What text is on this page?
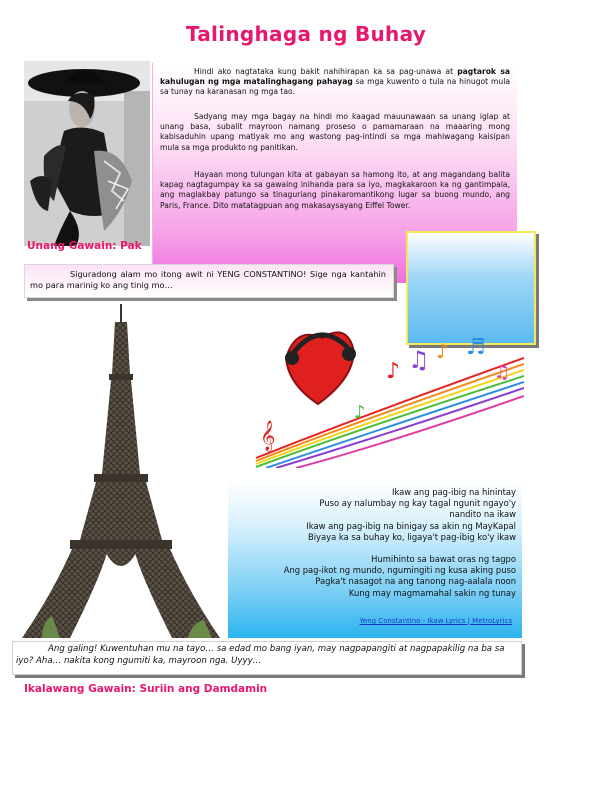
Talinghaga ng Buhay

Hindi ako nagtataka kung bakit nahihirapan ka sa pag-unawa at pagtarok sa kahulugan ng mga matalinghagang pahayag sa mga kuwento o tula na hinugot mula sa tunay na karanasan ng mga tao.

Sadyang may mga bagay na hindi mo kaagad mauunawaan sa unang iglap at unang basa, subalit mayroon namang proseso o pamamaraan na maaaring mong kabisaduhin upang matiyak mo ang wastong pag-intindi sa mga mahiwagang kaisipan mula sa mga produkto ng panitikan.

Hayaan mong tulungan kita at gabayan sa hamong ito, at ang magandang balita kapag nagtagumpay ka sa gawaing inihanda para sa iyo, magkakaroon ka ng gantimpala, ang maglakbay patungo sa tinaguriang pinakaromantikong lugar sa buong mundo, ang Paris, France. Dito matatagpuan ang makasaysayang Eiffel Tower.

Unang Gawain: Pak

Siguradong alam mo itong awit ni YENG CONSTANTINO! Sige nga kantahin mo para marinig ko ang tinig mo…

♪ ♫ ♪ ♬
♪
𝄞
♫
Ikaw ang pag-ibig na hinintay
Puso ay nalumbay ng kay tagal ngunit ngayo'y
nandito na ikaw
Ikaw ang pag-ibig na binigay sa akin ng MayKapal
Biyaya ka sa buhay ko, ligaya't pag-ibig ko'y ikaw
Humihinto sa bawat oras ng tagpo
Ang pag-ikot ng mundo, ngumingiti ng kusa aking puso
Pagka't nasagot na ang tanong nag-aalala noon
Kung may magmamahal sakin ng tunay
Yeng Constantino - Ikaw Lyrics | MetroLyrics

Ang galing! Kuwentuhan mu na tayo… sa edad mo bang iyan, may nagpapangiti at nagpapakilig na ba sa iyo? Aha… nakita kong ngumiti ka, mayroon nga. Uyyy…

Ikalawang Gawain: Suriin ang Damdamin
